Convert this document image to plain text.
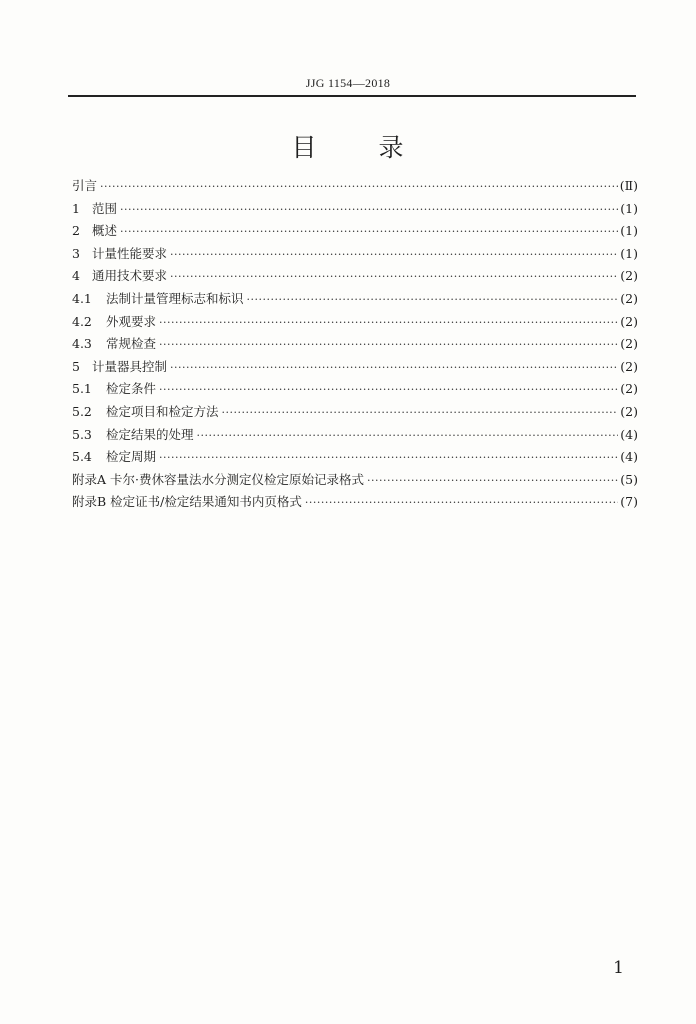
JJG 1154—2018
目 录
引言 ·····	(Ⅱ)
1 范围 ·····	(1)
2 概述 ·····	(1)
3 计量性能要求 ·····	(1)
4 通用技术要求 ·····	(2)
4.1	法制计量管理标志和标识 ·····	(2)
4.2	外观要求 ·····	(2)
4.3	常规检查 ·····	(2)
5 计量器具控制 ·····	(2)
5.1	检定条件 ·····	(2)
5.2	检定项目和检定方法 ·····	(2)
5.3	检定结果的处理 ·····	(4)
5.4	检定周期 ·····	(4)
附录A 卡尔·费休容量法水分测定仪检定原始记录格式 ·····	(5)
附录B 检定证书/检定结果通知书内页格式 ·····	(7)
1
